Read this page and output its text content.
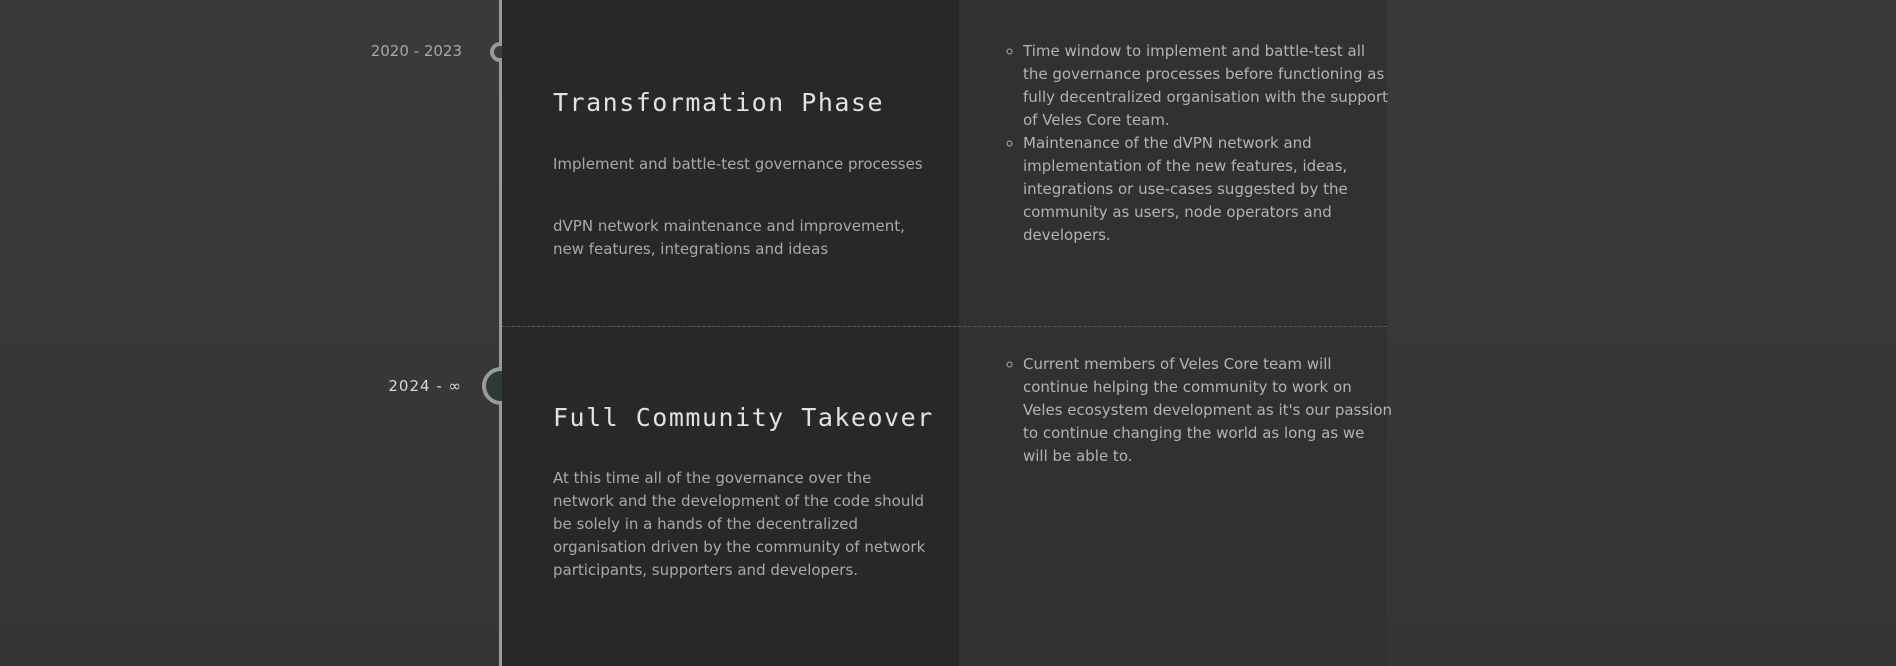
2020 - 2023
2024 - ∞
Transformation Phase

Implement and battle-test governance processes

dVPN network maintenance and improvement, new features, integrations and ideas

◦ Time window to implement and battle-test all the governance processes before functioning as fully decentralized organisation with the support of Veles Core team.
◦ Maintenance of the dVPN network and implementation of the new features, ideas, integrations or use-cases suggested by the community as users, node operators and developers.
Full Community Takeover

At this time all of the governance over the network and the development of the code should be solely in a hands of the decentralized organisation driven by the community of network participants, supporters and developers.

◦ Current members of Veles Core team will continue helping the community to work on Veles ecosystem development as it's our passion to continue changing the world as long as we will be able to.
